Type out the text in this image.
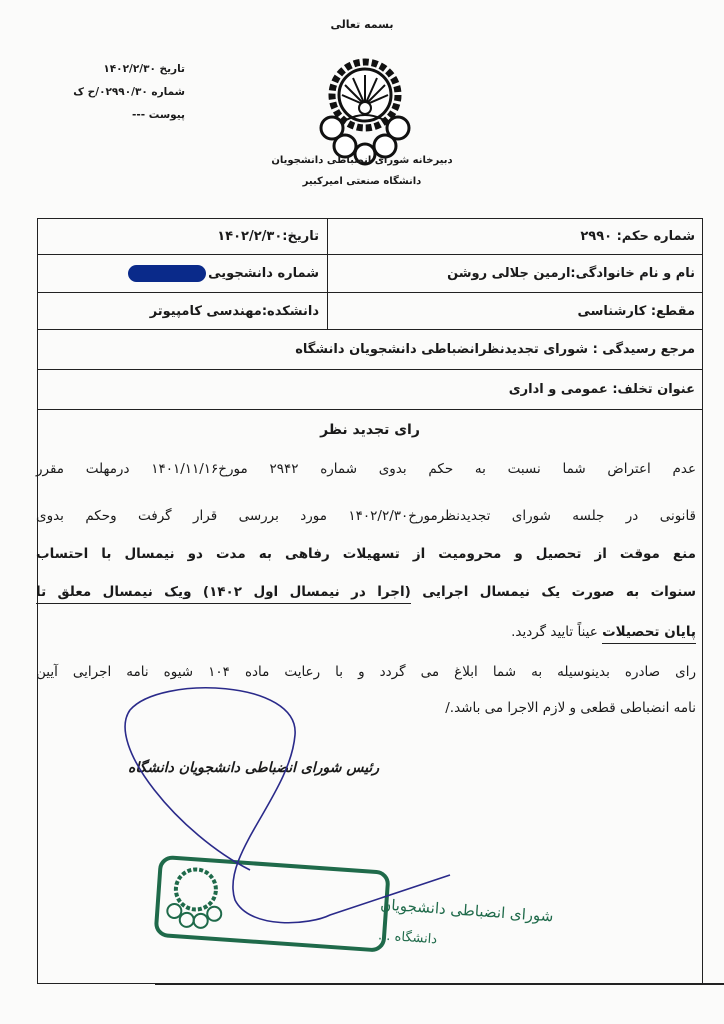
بسمه تعالی
تاریخ ۱۴۰۲/۲/۳۰
شماره ۰۲۹۹۰/۳۰/ح ک
پیوست ---
دبیرخانه شورای انضباطی دانشجویان
دانشگاه صنعتی امیرکبیر
شماره حکم: ۲۹۹۰
تاریخ:۱۴۰۲/۲/۳۰
نام و نام خانوادگی:ارمین جلالی روشن
شماره دانشجویی
مقطع: کارشناسی
دانشکده:مهندسی کامپیوتر
مرجع رسیدگی : شورای تجدیدنظرانضباطی دانشجویان دانشگاه
عنوان تخلف: عمومی و اداری
رای تجدید نظر
عدم اعتراض شما نسبت به حکم بدوی شماره ۲۹۴۲ مورخ۱۴۰۱/۱۱/۱۶ درمهلت مقرر
قانونی در جلسه شورای تجدیدنظرمورخ۱۴۰۲/۲/۳۰ مورد بررسی قرار گرفت وحکم بدوی
منع موقت از تحصیل و محرومیت از تسهیلات رفاهی به مدت دو نیمسال با احتساب
سنوات به صورت یک نیمسال اجرایی (اجرا در نیمسال اول ۱۴۰۲) ویک نیمسال معلق تا
پایان تحصیلات عیناً تایید گردید.
رای صادره بدینوسیله به شما ابلاغ می گردد و با رعایت ماده ۱۰۴ شیوه نامه اجرایی آیین
نامه انضباطی قطعی و لازم الاجرا می باشد./
رئیس شورای انضباطی دانشجویان دانشگاه
شورای انضباطی دانشجویان
دانشگاه ...
